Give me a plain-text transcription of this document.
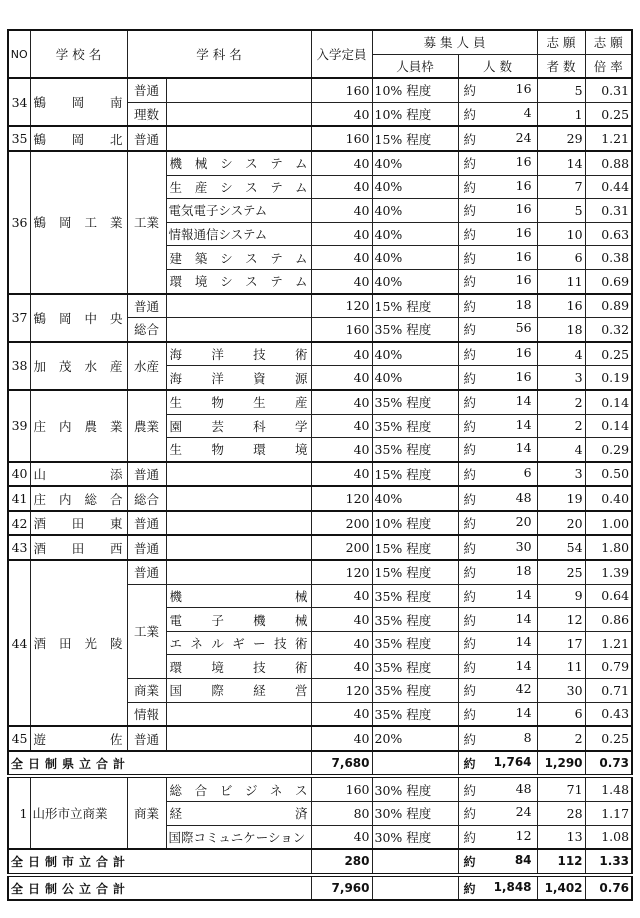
NO	学 校 名	学 科 名		入学定員	募 集 人 員		志 願	志 願
					人員枠	人 数	者 数	倍 率
34	鶴岡南	普通		160	10% 程度	約 16	5	0.31
		理数		40	10% 程度	約 4	1	0.25
35	鶴岡北	普通		160	15% 程度	約 24	29	1.21
36	鶴岡工業	工業	機械システム	40	40%	約 16	14	0.88
			生産システム	40	40%	約 16	7	0.44
			電気電子システム	40	40%	約 16	5	0.31
			情報通信システム	40	40%	約 16	10	0.63
			建築システム	40	40%	約 16	6	0.38
			環境システム	40	40%	約 16	11	0.69
37	鶴岡中央	普通		120	15% 程度	約 18	16	0.89
		総合		160	35% 程度	約 56	18	0.32
38	加茂水産	水産	海洋技術	40	40%	約 16	4	0.25
			海洋資源	40	40%	約 16	3	0.19
39	庄内農業	農業	生物生産	40	35% 程度	約 14	2	0.14
			園芸科学	40	35% 程度	約 14	2	0.14
			生物環境	40	35% 程度	約 14	4	0.29
40	山添	普通		40	15% 程度	約 6	3	0.50
41	庄内総合	総合		120	40%	約 48	19	0.40
42	酒田東	普通		200	10% 程度	約 20	20	1.00
43	酒田西	普通		200	15% 程度	約 30	54	1.80
44	酒田光陵	普通		120	15% 程度	約 18	25	1.39
		工業	機械	40	35% 程度	約 14	9	0.64
			電子機械	40	35% 程度	約 14	12	0.86
			エネルギー技術	40	35% 程度	約 14	17	1.21
			環境技術	40	35% 程度	約 14	11	0.79
		商業	国際経営	120	35% 程度	約 42	30	0.71
		情報		40	35% 程度	約 14	6	0.43
45	遊佐	普通		40	20%	約 8	2	0.25
全日制県立合計				7,680		約 1,764	1,290	0.73
1	山形市立商業	商業	総合ビジネス	160	30% 程度	約 48	71	1.48
			経済	80	30% 程度	約 24	28	1.17
			国際コミュニケーション	40	30% 程度	約 12	13	1.08
全日制市立合計				280		約 84	112	1.33
全日制公立合計				7,960		約 1,848	1,402	0.76
